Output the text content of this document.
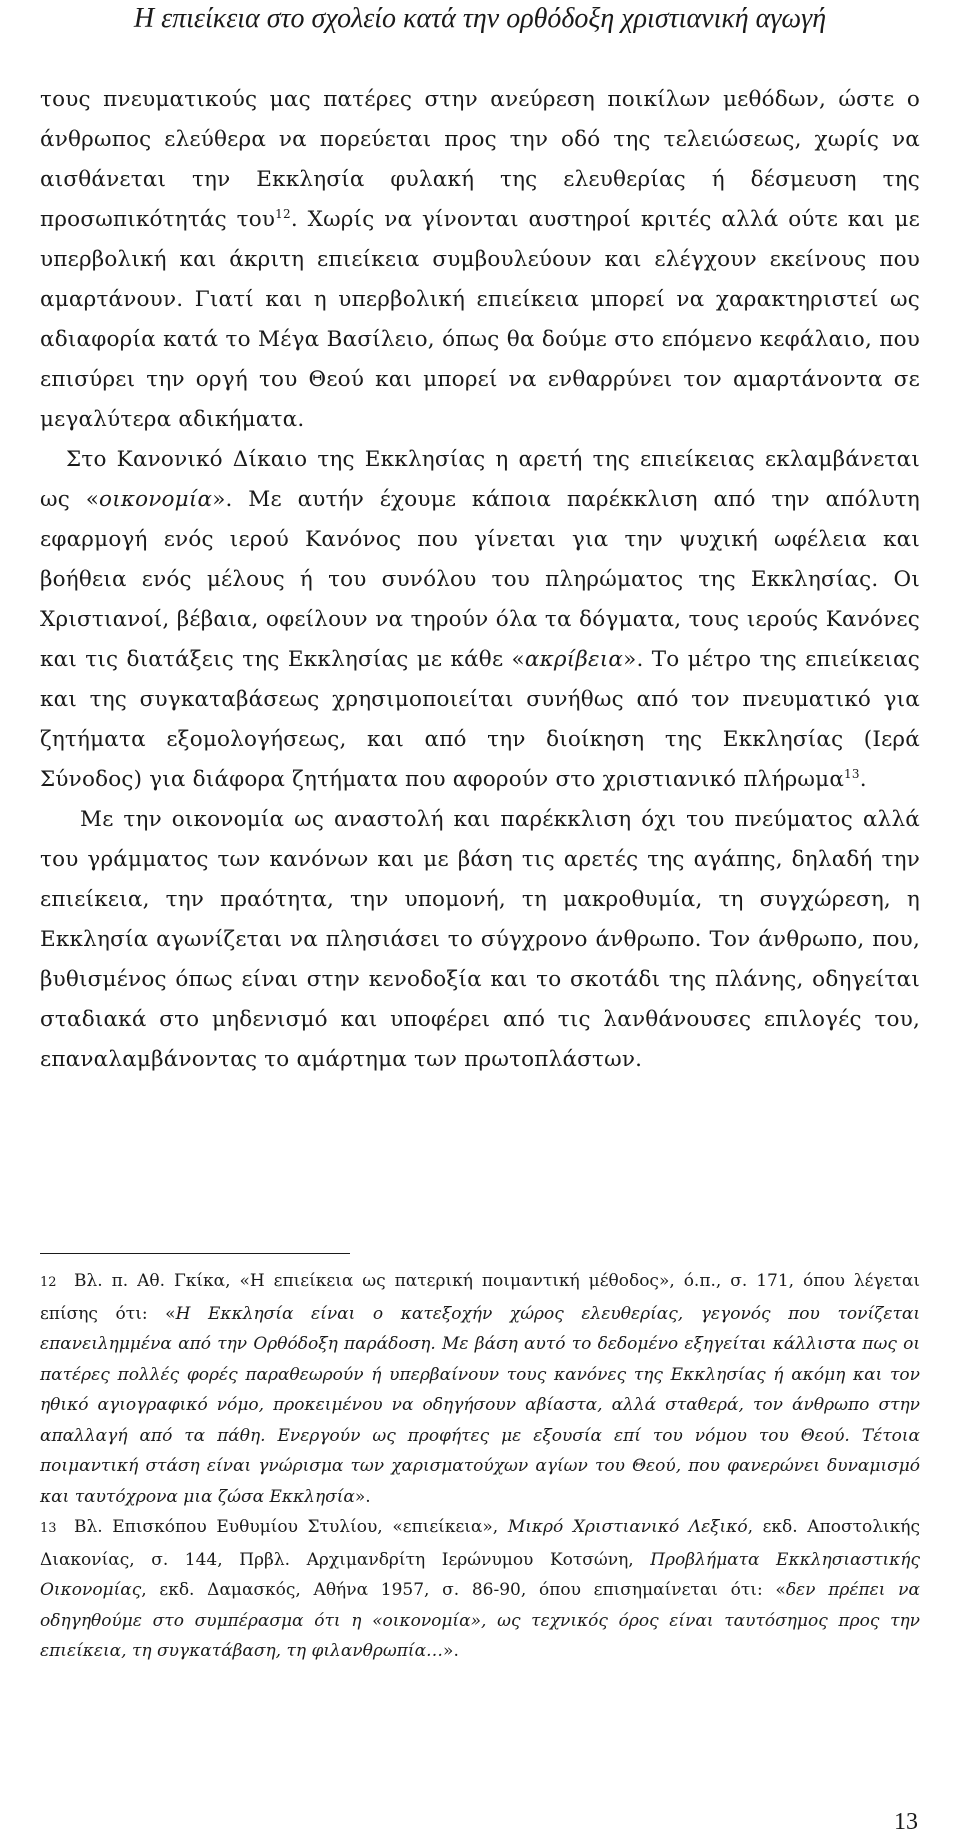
Η επιείκεια στο σχολείο κατά την ορθόδοξη χριστιανική αγωγή

τους πνευματικούς μας πατέρες στην ανεύρεση ποικίλων μεθόδων, ώστε ο άνθρωπος ελεύθερα να πορεύεται προς την οδό της τελειώσεως, χωρίς να αισθάνεται την Εκκλησία φυλακή της ελευθερίας ή δέσμευση της προσωπικότητάς του$^{12}$. Χωρίς να γίνονται αυστηροί κριτές αλλά ούτε και με υπερβολική και άκριτη επιείκεια συμβουλεύουν και ελέγχουν εκείνους που αμαρτάνουν. Γιατί και η υπερβολική επιείκεια μπορεί να χαρακτηριστεί ως αδιαφορία κατά το Μέγα Βασίλειο, όπως θα δούμε στο επόμενο κεφάλαιο, που επισύρει την οργή του Θεού και μπορεί να ενθαρρύνει τον αμαρτάνοντα σε μεγαλύτερα αδικήματα.

Στο Κανονικό Δίκαιο της Εκκλησίας η αρετή της επιείκειας εκλαμβάνεται ως «οικονομία». Με αυτήν έχουμε κάποια παρέκκλιση από την απόλυτη εφαρμογή ενός ιερού Κανόνος που γίνεται για την ψυχική ωφέλεια και βοήθεια ενός μέλους ή του συνόλου του πληρώματος της Εκκλησίας. Οι Χριστιανοί, βέβαια, οφείλουν να τηρούν όλα τα δόγματα, τους ιερούς Κανόνες και τις διατάξεις της Εκκλησίας με κάθε «ακρίβεια». Το μέτρο της επιείκειας και της συγκαταβάσεως χρησιμοποιείται συνήθως από τον πνευματικό για ζητήματα εξομολογήσεως, και από την διοίκηση της Εκκλησίας (Ιερά Σύνοδος) για διάφορα ζητήματα που αφορούν στο χριστιανικό πλήρωμα$^{13}$.

Με την οικονομία ως αναστολή και παρέκκλιση όχι του πνεύματος αλλά του γράμματος των κανόνων και με βάση τις αρετές της αγάπης, δηλαδή την επιείκεια, την πραότητα, την υπομονή, τη μακροθυμία, τη συγχώρεση, η Εκκλησία αγωνίζεται να πλησιάσει το σύγχρονο άνθρωπο. Τον άνθρωπο, που, βυθισμένος όπως είναι στην κενοδοξία και το σκοτάδι της πλάνης, οδηγείται σταδιακά στο μηδενισμό και υποφέρει από τις λανθάνουσες επιλογές του, επαναλαμβάνοντας το αμάρτημα των πρωτοπλάστων.

12 Βλ. π. Αθ. Γκίκα, «Η επιείκεια ως πατερική ποιμαντική μέθοδος», ό.π., σ. 171, όπου λέγεται επίσης ότι: «Η Εκκλησία είναι ο κατεξοχήν χώρος ελευθερίας, γεγονός που τονίζεται επανειλημμένα από την Ορθόδοξη παράδοση. Με βάση αυτό το δεδομένο εξηγείται κάλλιστα πως οι πατέρες πολλές φορές παραθεωρούν ή υπερβαίνουν τους κανόνες της Εκκλησίας ή ακόμη και τον ηθικό αγιογραφικό νόμο, προκειμένου να οδηγήσουν αβίαστα, αλλά σταθερά, τον άνθρωπο στην απαλλαγή από τα πάθη. Ενεργούν ως προφήτες με εξουσία επί του νόμου του Θεού. Τέτοια ποιμαντική στάση είναι γνώρισμα των χαρισματούχων αγίων του Θεού, που φανερώνει δυναμισμό και ταυτόχρονα μια ζώσα Εκκλησία».

13 Βλ. Επισκόπου Ευθυμίου Στυλίου, «επιείκεια», Μικρό Χριστιανικό Λεξικό, εκδ. Αποστολικής Διακονίας, σ. 144, Πρβλ. Αρχιμανδρίτη Ιερώνυμου Κοτσώνη, Προβλήματα Εκκλησιαστικής Οικονομίας, εκδ. Δαμασκός, Αθήνα 1957, σ. 86-90, όπου επισημαίνεται ότι: «δεν πρέπει να οδηγηθούμε στο συμπέρασμα ότι η «οικονομία», ως τεχνικός όρος είναι ταυτόσημος προς την επιείκεια, τη συγκατάβαση, τη φιλανθρωπία…».

13
